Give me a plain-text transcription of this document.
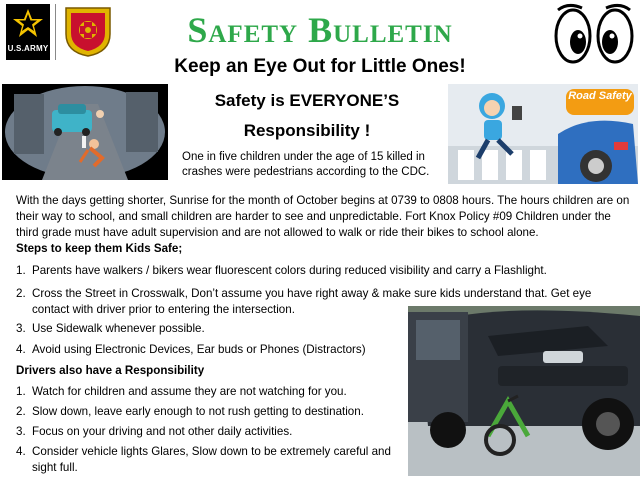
U.S.ARMY	Safety Bulletin
Keep an Eye Out for Little Ones!
Safety is EVERYONE’S Responsibility !
One in five children under the age of 15 killed in crashes were pedestrians according to the CDC.
Road Safety
With the days getting shorter, Sunrise for the month of October begins at 0739 to 0808 hours. The hours children are on their way to school, and small children are harder to see and unpredictable. Fort Knox Policy #09 Children under the third grade must have adult supervision and are not allowed to walk or ride their bikes to school alone.
Steps to keep them Kids Safe;
1. Parents have walkers / bikers wear fluorescent colors during reduced visibility and carry a Flashlight.
2. Cross the Street in Crosswalk, Don’t assume you have right away & make sure kids understand that. Get eye contact with driver prior to entering the intersection.
3. Use Sidewalk whenever possible.
4. Avoid using Electronic Devices, Ear buds or Phones (Distractors)
Drivers also have a Responsibility
1. Watch for children and assume they are not watching for you.
2. Slow down, leave early enough to not rush getting to destination.
3. Focus on your driving and not other daily activities.
4. Consider vehicle lights Glares, Slow down to be extremely careful and sight full.
